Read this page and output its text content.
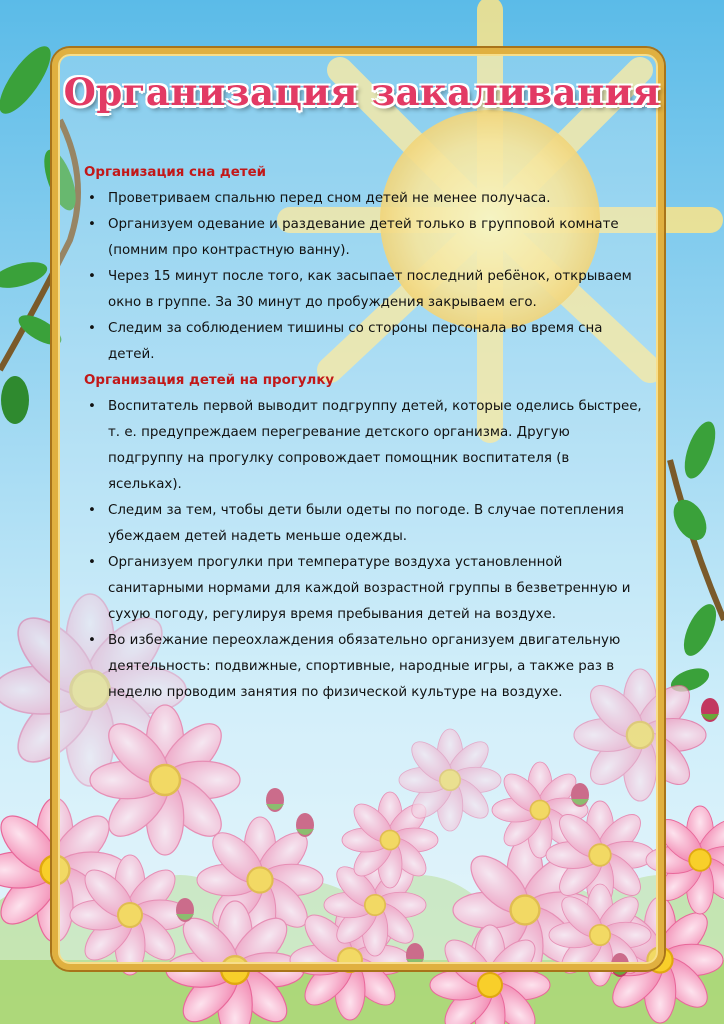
Организация закаливания
Организация сна детей
• Проветриваем спальню перед сном детей не менее получаса.
• Организуем одевание и раздевание детей только в групповой комнате (помним про контрастную ванну).
• Через 15 минут после того, как засыпает последний ребёнок, открываем окно в группе. За 30 минут до пробуждения закрываем его.
• Следим за соблюдением тишины со стороны персонала во время сна детей.
Организация детей на прогулку
• Воспитатель первой выводит подгруппу детей, которые оделись быстрее, т. е. предупреждаем перегревание детского организма. Другую подгруппу на прогулку сопровождает помощник воспитателя (в ясельках).
• Следим за тем, чтобы дети были одеты по погоде. В случае потепления убеждаем детей надеть меньше одежды.
• Организуем прогулки при температуре воздуха установленной санитарными нормами для каждой возрастной группы в безветренную и сухую погоду, регулируя время пребывания детей на воздухе.
• Во избежание переохлаждения обязательно организуем двигательную деятельность: подвижные, спортивные, народные игры, а также раз в неделю проводим занятия по физической культуре на воздухе.
